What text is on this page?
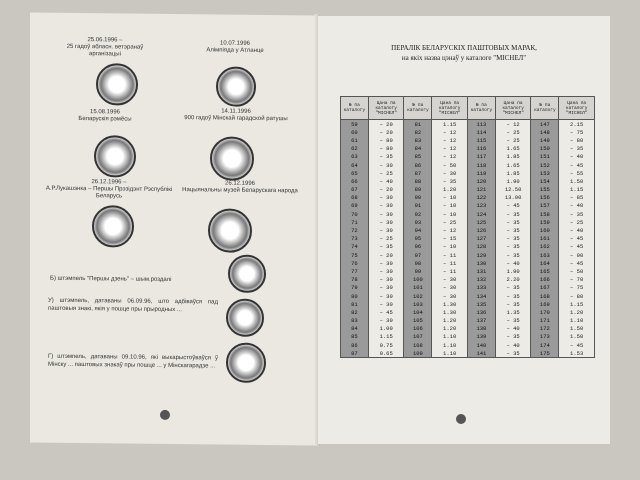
25.06.1996 –
25 гадоў абласн. ветэранаў арганізацыі
10.07.1996
Алімпіяда у Атланце
15.08.1996
Беларускія рэмёсы
14.11.1996
900 гадоў Мінскай гарадской ратушы
26.12.1996 –
А.Р.Лукашэнка – Першы Прэзідэнт Рэспублікі Беларусь
26.12.1996
Нацыянальны музей Беларускага народа
Б) штэмпель "Першы дзень" – шым.роздалі
У) штэмпель, датаваны 06.09.96, што адбіваўся пад паштовыя знакі, якія у пошце пры прыродных ...
Г) штэмпель, датаваны 09.10.96, які выкарыстоўваўся ў Мінску ... паштовых знакаў пры пошце ... у Мінскагарадзе ...
ПЕРАЛІК БЕЛАРУСКІХ ПАШТОВЫХ МАРАК,
на якіх назва цэнаў у каталоге "МІСНЕЛ"
№ па каталогу	Цана па каталогу "МІСНЕЛ"	№ па каталогу	Цана па каталогу "МІСНЕЛ"	№ па каталогу	Цана па каталогу "МІСНЕЛ"	№ па каталогу	Цана па каталогу "МІСНЕЛ"
59	– 20	81	1.15	113	– 12	147	2.15
60	– 20	82	– 12	114	– 25	148	– 75
61	– 80	83	– 12	115	– 25	149	– 80
62	– 80	84	– 12	116	1.65	150	– 35
63	– 35	85	– 12	117	1.85	151	– 40
64	– 30	86	– 50	118	1.65	152	– 45
65	– 25	87	– 30	119	1.85	153	– 55
66	– 40	88	– 35	120	1.90	154	1.50
67	– 20	89	1.20	121	12.50	155	1.15
68	– 30	90	– 10	122	13.00	156	– 85
69	– 30	91	– 10	123	– 45	157	– 40
70	– 30	92	– 10	124	– 35	158	– 35
71	– 30	93	– 25	125	– 35	159	– 25
72	– 30	94	– 12	126	– 35	160	– 40
73	– 25	95	– 15	127	– 35	161	– 45
74	– 35	96	– 10	128	– 35	162	– 45
75	– 20	97	– 11	129	– 35	163	– 90
76	– 30	98	– 11	130	– 40	164	– 45
77	– 30	99	– 11	131	1.90	165	– 50
78	– 30	100	– 30	132	2.20	166	– 70
79	– 30	101	– 30	133	– 35	167	– 75
80	– 30	102	– 30	134	– 35	168	– 80
81	– 30	103	1.30	135	– 35	169	1.15
82	– 45	104	1.30	136	1.35	170	1.20
83	– 30	105	1.20	137	– 35	171	1.10
84	1.00	106	1.20	138	– 40	172	1.50
85	1.15	107	1.10	139	– 35	173	1.50
86	0.75	108	1.10	140	– 40	174	– 45
87	0.65	109	1.10	141	– 35	175	1.53
